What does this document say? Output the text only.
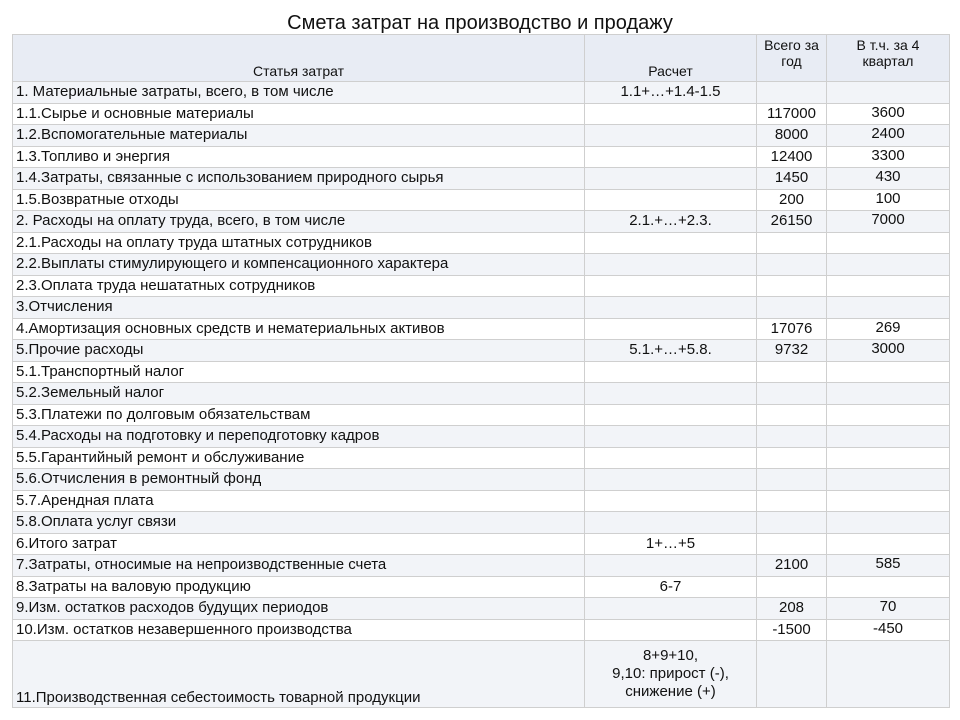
Смета затрат на производство и продажу
Статья затрат	Расчет	Всего за год	В т.ч. за 4 квартал
1. Материальные затраты, всего, в том числе	1.1+…+1.4-1.5		
1.1.Сырье и основные материалы		117000	3600
1.2.Вспомогательные материалы		8000	2400
1.3.Топливо и энергия		12400	3300
1.4.Затраты, связанные с использованием природного сырья		1450	430
1.5.Возвратные отходы		200	100
2. Расходы на оплату труда, всего, в том числе	2.1.+…+2.3.	26150	7000
2.1.Расходы на оплату труда штатных сотрудников			
2.2.Выплаты стимулирующего и компенсационного характера			
2.3.Оплата труда нешататных сотрудников			
3.Отчисления			
4.Амортизация основных средств и нематериальных активов		17076	269
5.Прочие расходы	5.1.+…+5.8.	9732	3000
5.1.Транспортный налог			
5.2.Земельный налог			
5.3.Платежи по долговым обязательствам			
5.4.Расходы на подготовку и переподготовку кадров			
5.5.Гарантийный ремонт и обслуживание			
5.6.Отчисления в ремонтный фонд			
5.7.Арендная плата			
5.8.Оплата услуг связи			
6.Итого затрат	1+…+5		
7.Затраты, относимые на непроизводственные счета		2100	585
8.Затраты на валовую продукцию	6-7		
9.Изм. остатков расходов будущих периодов		208	70
10.Изм. остатков незавершенного производства		-1500	-450
11.Производственная себестоимость товарной продукции	8+9+10,
9,10: прирост (-),
снижение (+)		
